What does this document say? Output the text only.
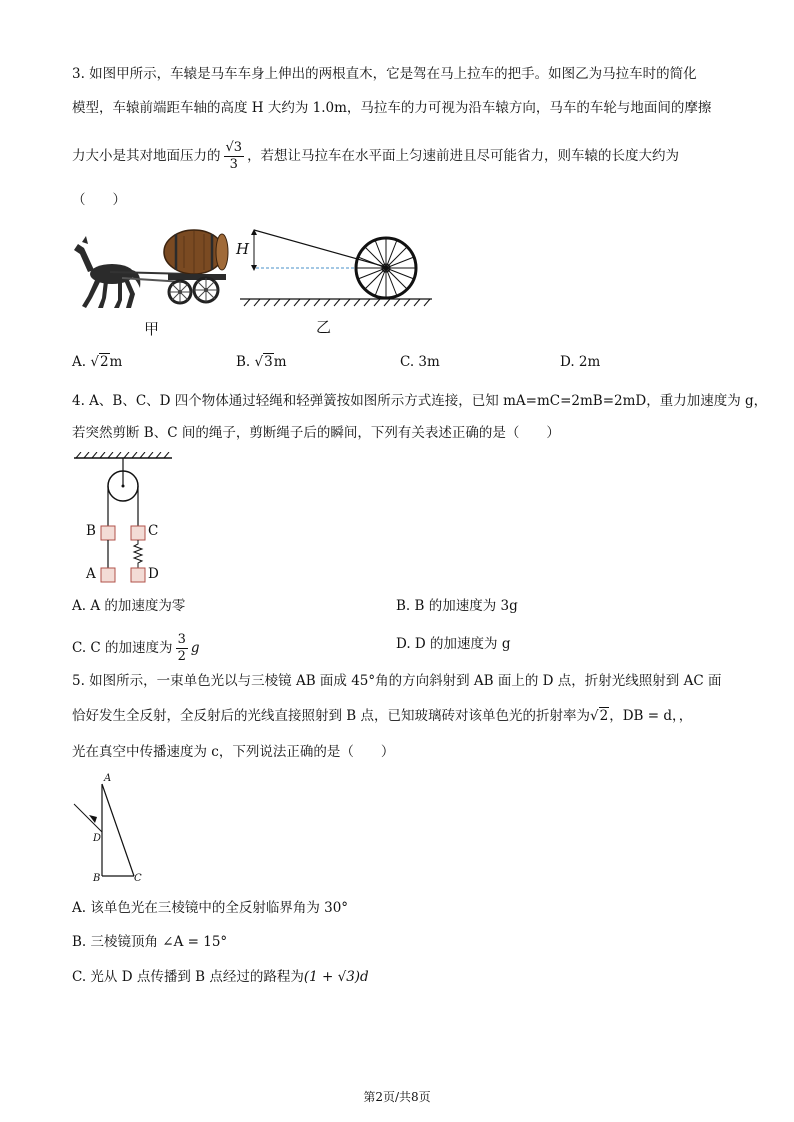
3. 如图甲所示，车辕是马车车身上伸出的两根直木，它是驾在马上拉车的把手。如图乙为马拉车时的简化
模型，车辕前端距车轴的高度 H 大约为 1.0m，马拉车的力可视为沿车辕方向，马车的车轮与地面间的摩擦
力大小是其对地面压力的 $\frac{√3}{3}$ ，若想让马拉车在水平面上匀速前进且尽可能省力，则车辕的长度大约为
（　　）
甲
H
乙
A. √2m	B. √3m	C. 3m	D. 2m
4. A、B、C、D 四个物体通过轻绳和轻弹簧按如图所示方式连接，已知 mA=mC=2mB=2mD，重力加速度为 g，
若突然剪断 B、C 间的绳子，剪断绳子后的瞬间，下列有关表述正确的是（　　）
B	C
A	D
A. A 的加速度为零	B. B 的加速度为 3g
C. C 的加速度为 $\frac{3}{2}$ g	D. D 的加速度为 g
5. 如图所示，一束单色光以与三棱镜 AB 面成 45°角的方向斜射到 AB 面上的 D 点，折射光线照射到 AC 面
恰好发生全反射，全反射后的光线直接照射到 B 点，已知玻璃砖对该单色光的折射率为√2，DB = d，，
光在真空中传播速度为 c，下列说法正确的是（　　）
A
D
B	C
A. 该单色光在三棱镜中的全反射临界角为 30°
B. 三棱镜顶角 ∠A = 15°
C. 光从 D 点传播到 B 点经过的路程为(1 + √3)d
第2页/共8页
